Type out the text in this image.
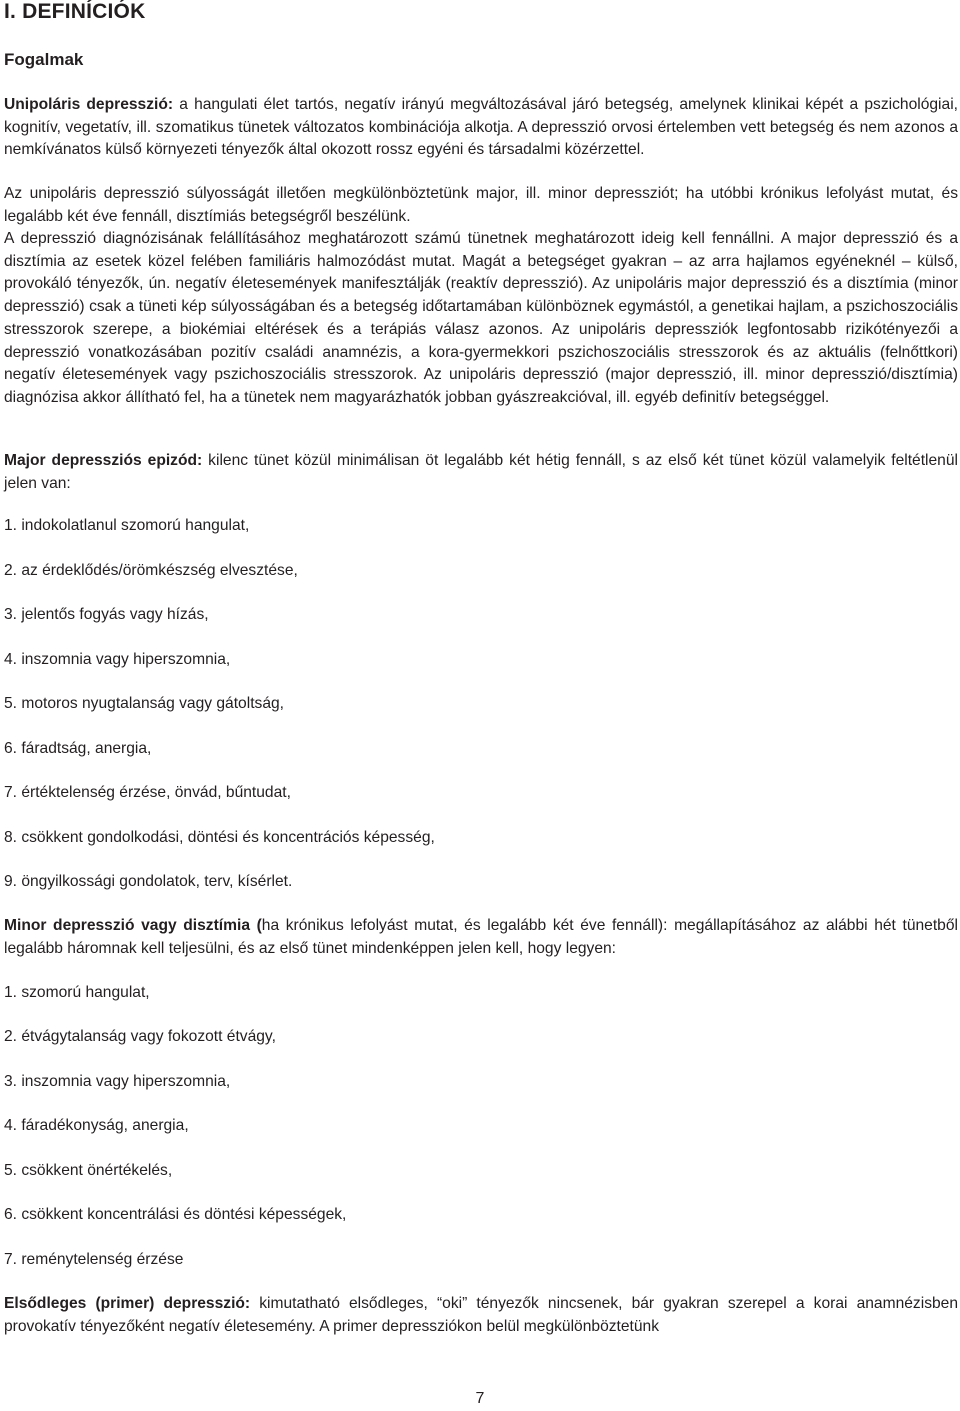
I. DEFINÍCIÓK
Fogalmak

Unipoláris depresszió: a hangulati élet tartós, negatív irányú megváltozásával járó betegség, amelynek klinikai képét a pszichológiai, kognitív, vegetatív, ill. szomatikus tünetek változatos kombinációja alkotja. A depresszió orvosi értelemben vett betegség és nem azonos a nemkívánatos külső környezeti tényezők által okozott rossz egyéni és társadalmi közérzettel.

Az unipoláris depresszió súlyosságát illetően megkülönböztetünk major, ill. minor depressziót; ha utóbbi krónikus lefolyást mutat, és legalább két éve fennáll, disztímiás betegségről beszélünk.

A depresszió diagnózisának felállításához meghatározott számú tünetnek meghatározott ideig kell fennállni. A major depresszió és a disztímia az esetek közel felében familiáris halmozódást mutat. Magát a betegséget gyakran – az arra hajlamos egyéneknél – külső, provokáló tényezők, ún. negatív életesemények manifesztálják (reaktív depresszió). Az unipoláris major depresszió és a disztímia (minor depresszió) csak a tüneti kép súlyosságában és a betegség időtartamában különböznek egymástól, a genetikai hajlam, a pszichoszociális stresszorok szerepe, a biokémiai eltérések és a terápiás válasz azonos. Az unipoláris depressziók legfontosabb rizikótényezői a depresszió vonatkozásában pozitív családi anamnézis, a kora-gyermekkori pszichoszociális stresszorok és az aktuális (felnőttkori) negatív életesemények vagy pszichoszociális stresszorok. Az unipoláris depresszió (major depresszió, ill. minor depresszió/disztímia) diagnózisa akkor állítható fel, ha a tünetek nem magyarázhatók jobban gyászreakcióval, ill. egyéb definitív betegséggel.

Major depressziós epizód: kilenc tünet közül minimálisan öt legalább két hétig fennáll, s az első két tünet közül valamelyik feltétlenül jelen van:

1. indokolatlanul szomorú hangulat,

2. az érdeklődés/örömkészség elvesztése,

3. jelentős fogyás vagy hízás,

4. inszomnia vagy hiperszomnia,

5. motoros nyugtalanság vagy gátoltság,

6. fáradtság, anergia,

7. értéktelenség érzése, önvád, bűntudat,

8. csökkent gondolkodási, döntési és koncentrációs képesség,

9. öngyilkossági gondolatok, terv, kísérlet.

Minor depresszió vagy disztímia (ha krónikus lefolyást mutat, és legalább két éve fennáll): megállapításához az alábbi hét tünetből legalább háromnak kell teljesülni, és az első tünet mindenképpen jelen kell, hogy legyen:

1. szomorú hangulat,

2. étvágytalanság vagy fokozott étvágy,

3. inszomnia vagy hiperszomnia,

4. fáradékonyság, anergia,

5. csökkent önértékelés,

6. csökkent koncentrálási és döntési képességek,

7. reménytelenség érzése

Elsődleges (primer) depresszió: kimutatható elsődleges, “oki” tényezők nincsenek, bár gyakran szerepel a korai anamnézisben provokatív tényezőként negatív életesemény. A primer depressziókon belül megkülönböztetünk

7
